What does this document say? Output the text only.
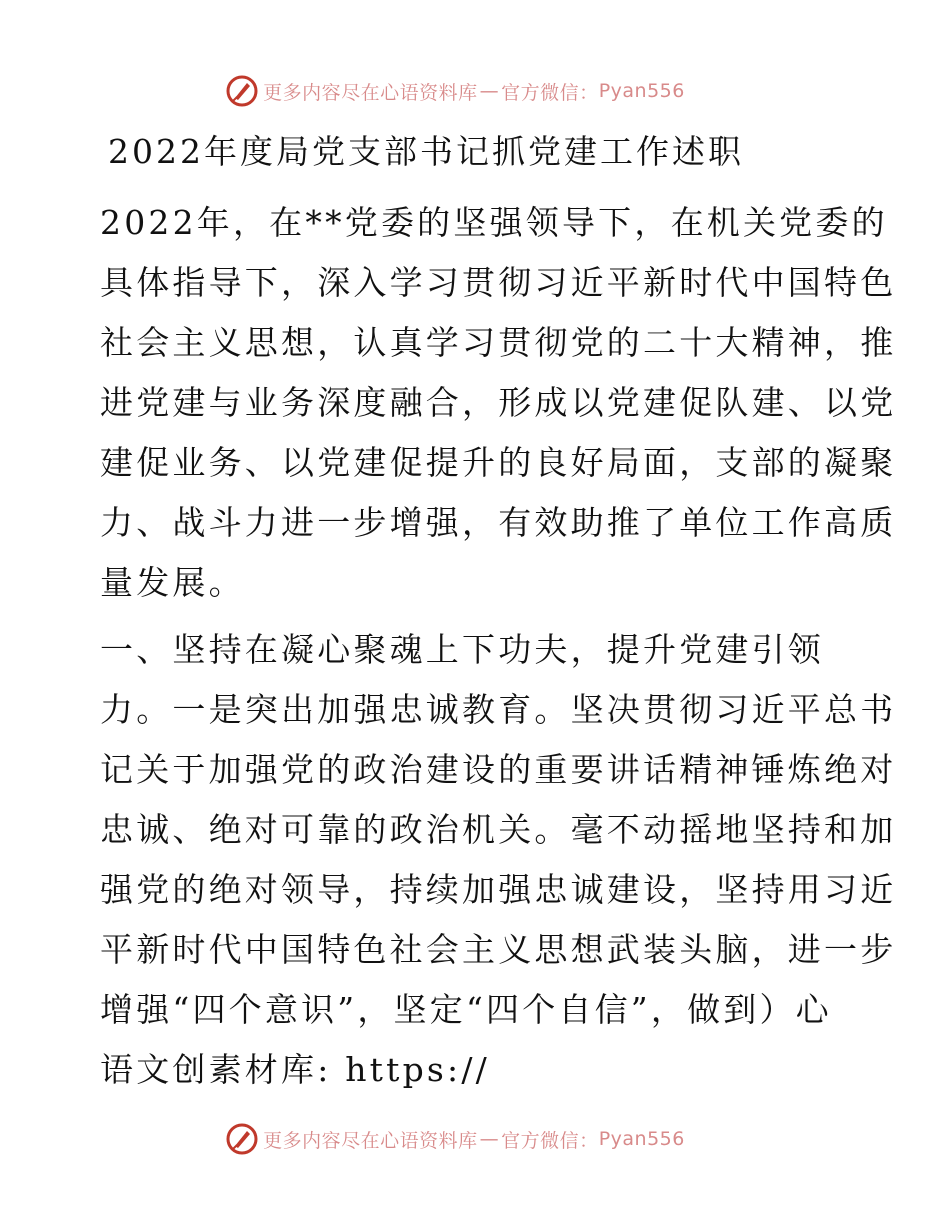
更多内容尽在心语资料库 — 官方微信： Pyan556
2022年度局党支部书记抓党建工作述职
2022年，在**党委的坚强领导下，在机关党委的
具体指导下，深入学习贯彻习近平新时代中国特色
社会主义思想，认真学习贯彻党的二十大精神，推
进党建与业务深度融合，形成以党建促队建、以党
建促业务、以党建促提升的良好局面，支部的凝聚
力、战斗力进一步增强，有效助推了单位工作高质
量发展。
一、坚持在凝心聚魂上下功夫，提升党建引领
力。一是突出加强忠诚教育。坚决贯彻习近平总书
记关于加强党的政治建设的重要讲话精神锤炼绝对
忠诚、绝对可靠的政治机关。毫不动摇地坚持和加
强党的绝对领导，持续加强忠诚建设，坚持用习近
平新时代中国特色社会主义思想武装头脑，进一步
增强“四个意识”，坚定“四个自信”，做到）心
语文创素材库: https://
更多内容尽在心语资料库 — 官方微信： Pyan556
